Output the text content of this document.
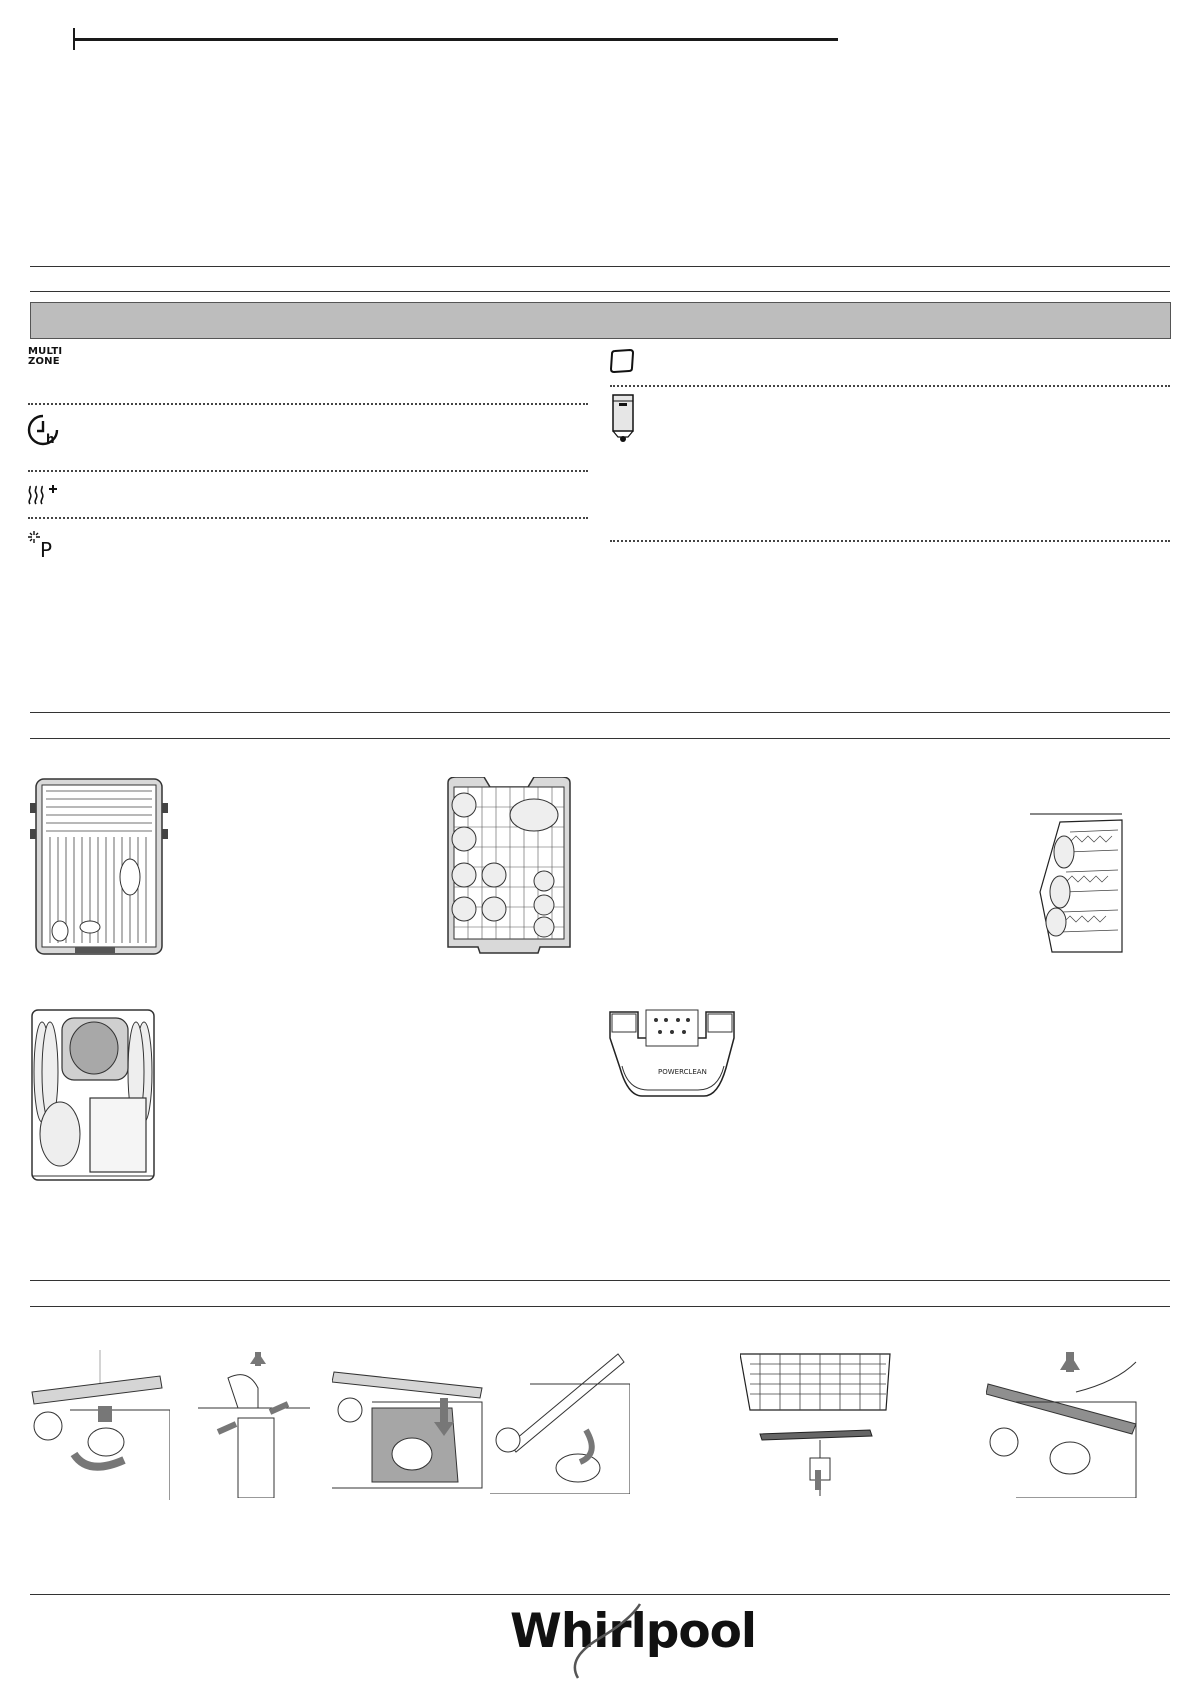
MULTI
ZONE
h
P
POWERCLEAN
Whirlpool
